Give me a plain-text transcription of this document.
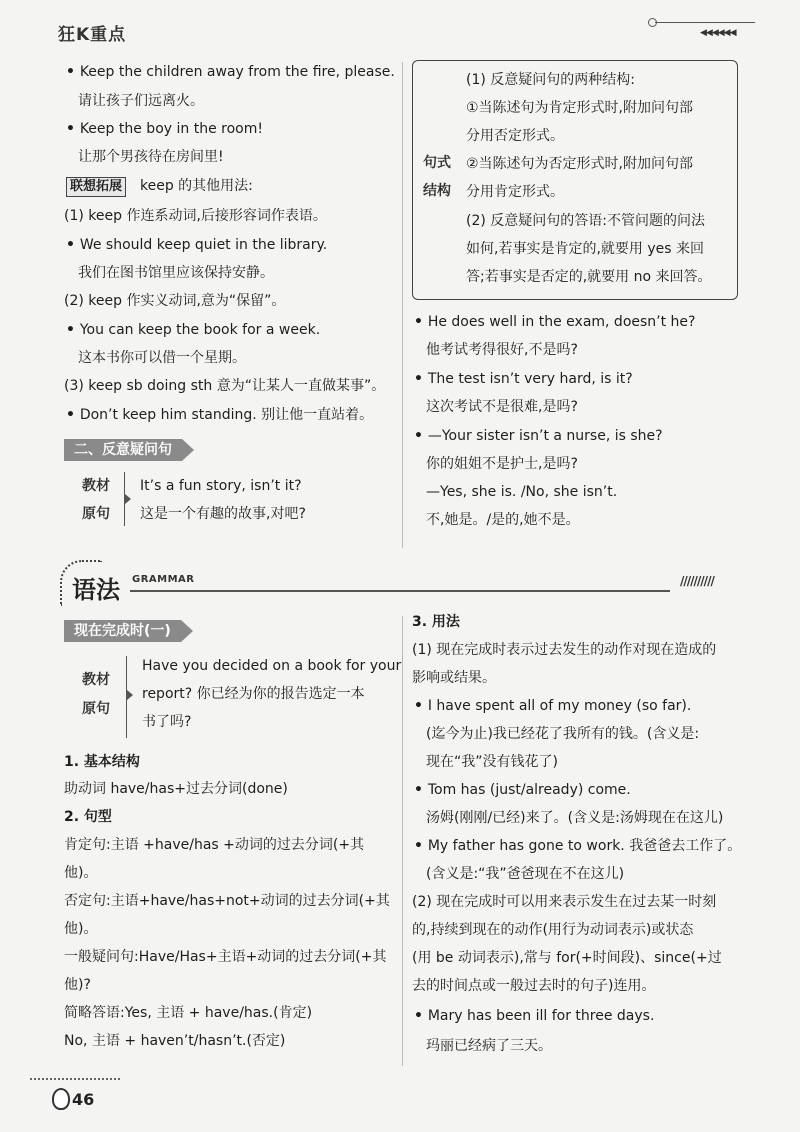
狂K重点	◀◀◀◀◀◀
• Keep the children away from the fire, please.
请让孩子们远离火。
• Keep the boy in the room!
让那个男孩待在房间里!
联想拓展 keep 的其他用法:
(1) keep 作连系动词,后接形容词作表语。
• We should keep quiet in the library.
我们在图书馆里应该保持安静。
(2) keep 作实义动词,意为“保留”。
• You can keep the book for a week.
这本书你可以借一个星期。
(3) keep sb doing sth 意为“让某人一直做某事”。
• Don’t keep him standing. 别让他一直站着。
二、反意疑问句
教材
原句
It’s a fun story, isn’t it?
这是一个有趣的故事,对吧?
句式
结构
(1) 反意疑问句的两种结构:
①当陈述句为肯定形式时,附加问句部
分用否定形式。
②当陈述句为否定形式时,附加问句部
分用肯定形式。
(2) 反意疑问句的答语:不管问题的问法
如何,若事实是肯定的,就要用 yes 来回
答;若事实是否定的,就要用 no 来回答。
• He does well in the exam, doesn’t he?
他考试考得很好,不是吗?
• The test isn’t very hard, is it?
这次考试不是很难,是吗?
• —Your sister isn’t a nurse, is she?
你的姐姐不是护士,是吗?
—Yes, she is. /No, she isn’t.
不,她是。/是的,她不是。
语法 GRAMMAR	//////////
现在完成时(一)
教材
原句
Have you decided on a book for your
report? 你已经为你的报告选定一本
书了吗?
1. 基本结构
助动词 have/has+过去分词(done)
2. 句型
肯定句:主语 +have/has +动词的过去分词(+其
他)。
否定句:主语+have/has+not+动词的过去分词(+其
他)。
一般疑问句:Have/Has+主语+动词的过去分词(+其
他)?
简略答语:Yes, 主语 + have/has.(肯定)
No, 主语 + haven’t/hasn’t.(否定)
3. 用法
(1) 现在完成时表示过去发生的动作对现在造成的
影响或结果。
• I have spent all of my money (so far).
(迄今为止)我已经花了我所有的钱。(含义是:
现在“我”没有钱花了)
• Tom has (just/already) come.
汤姆(刚刚/已经)来了。(含义是:汤姆现在在这儿)
• My father has gone to work. 我爸爸去工作了。
(含义是:“我”爸爸现在不在这儿)
(2) 现在完成时可以用来表示发生在过去某一时刻
的,持续到现在的动作(用行为动词表示)或状态
(用 be 动词表示),常与 for(+时间段)、since(+过
去的时间点或一般过去时的句子)连用。
• Mary has been ill for three days.
玛丽已经病了三天。
46
